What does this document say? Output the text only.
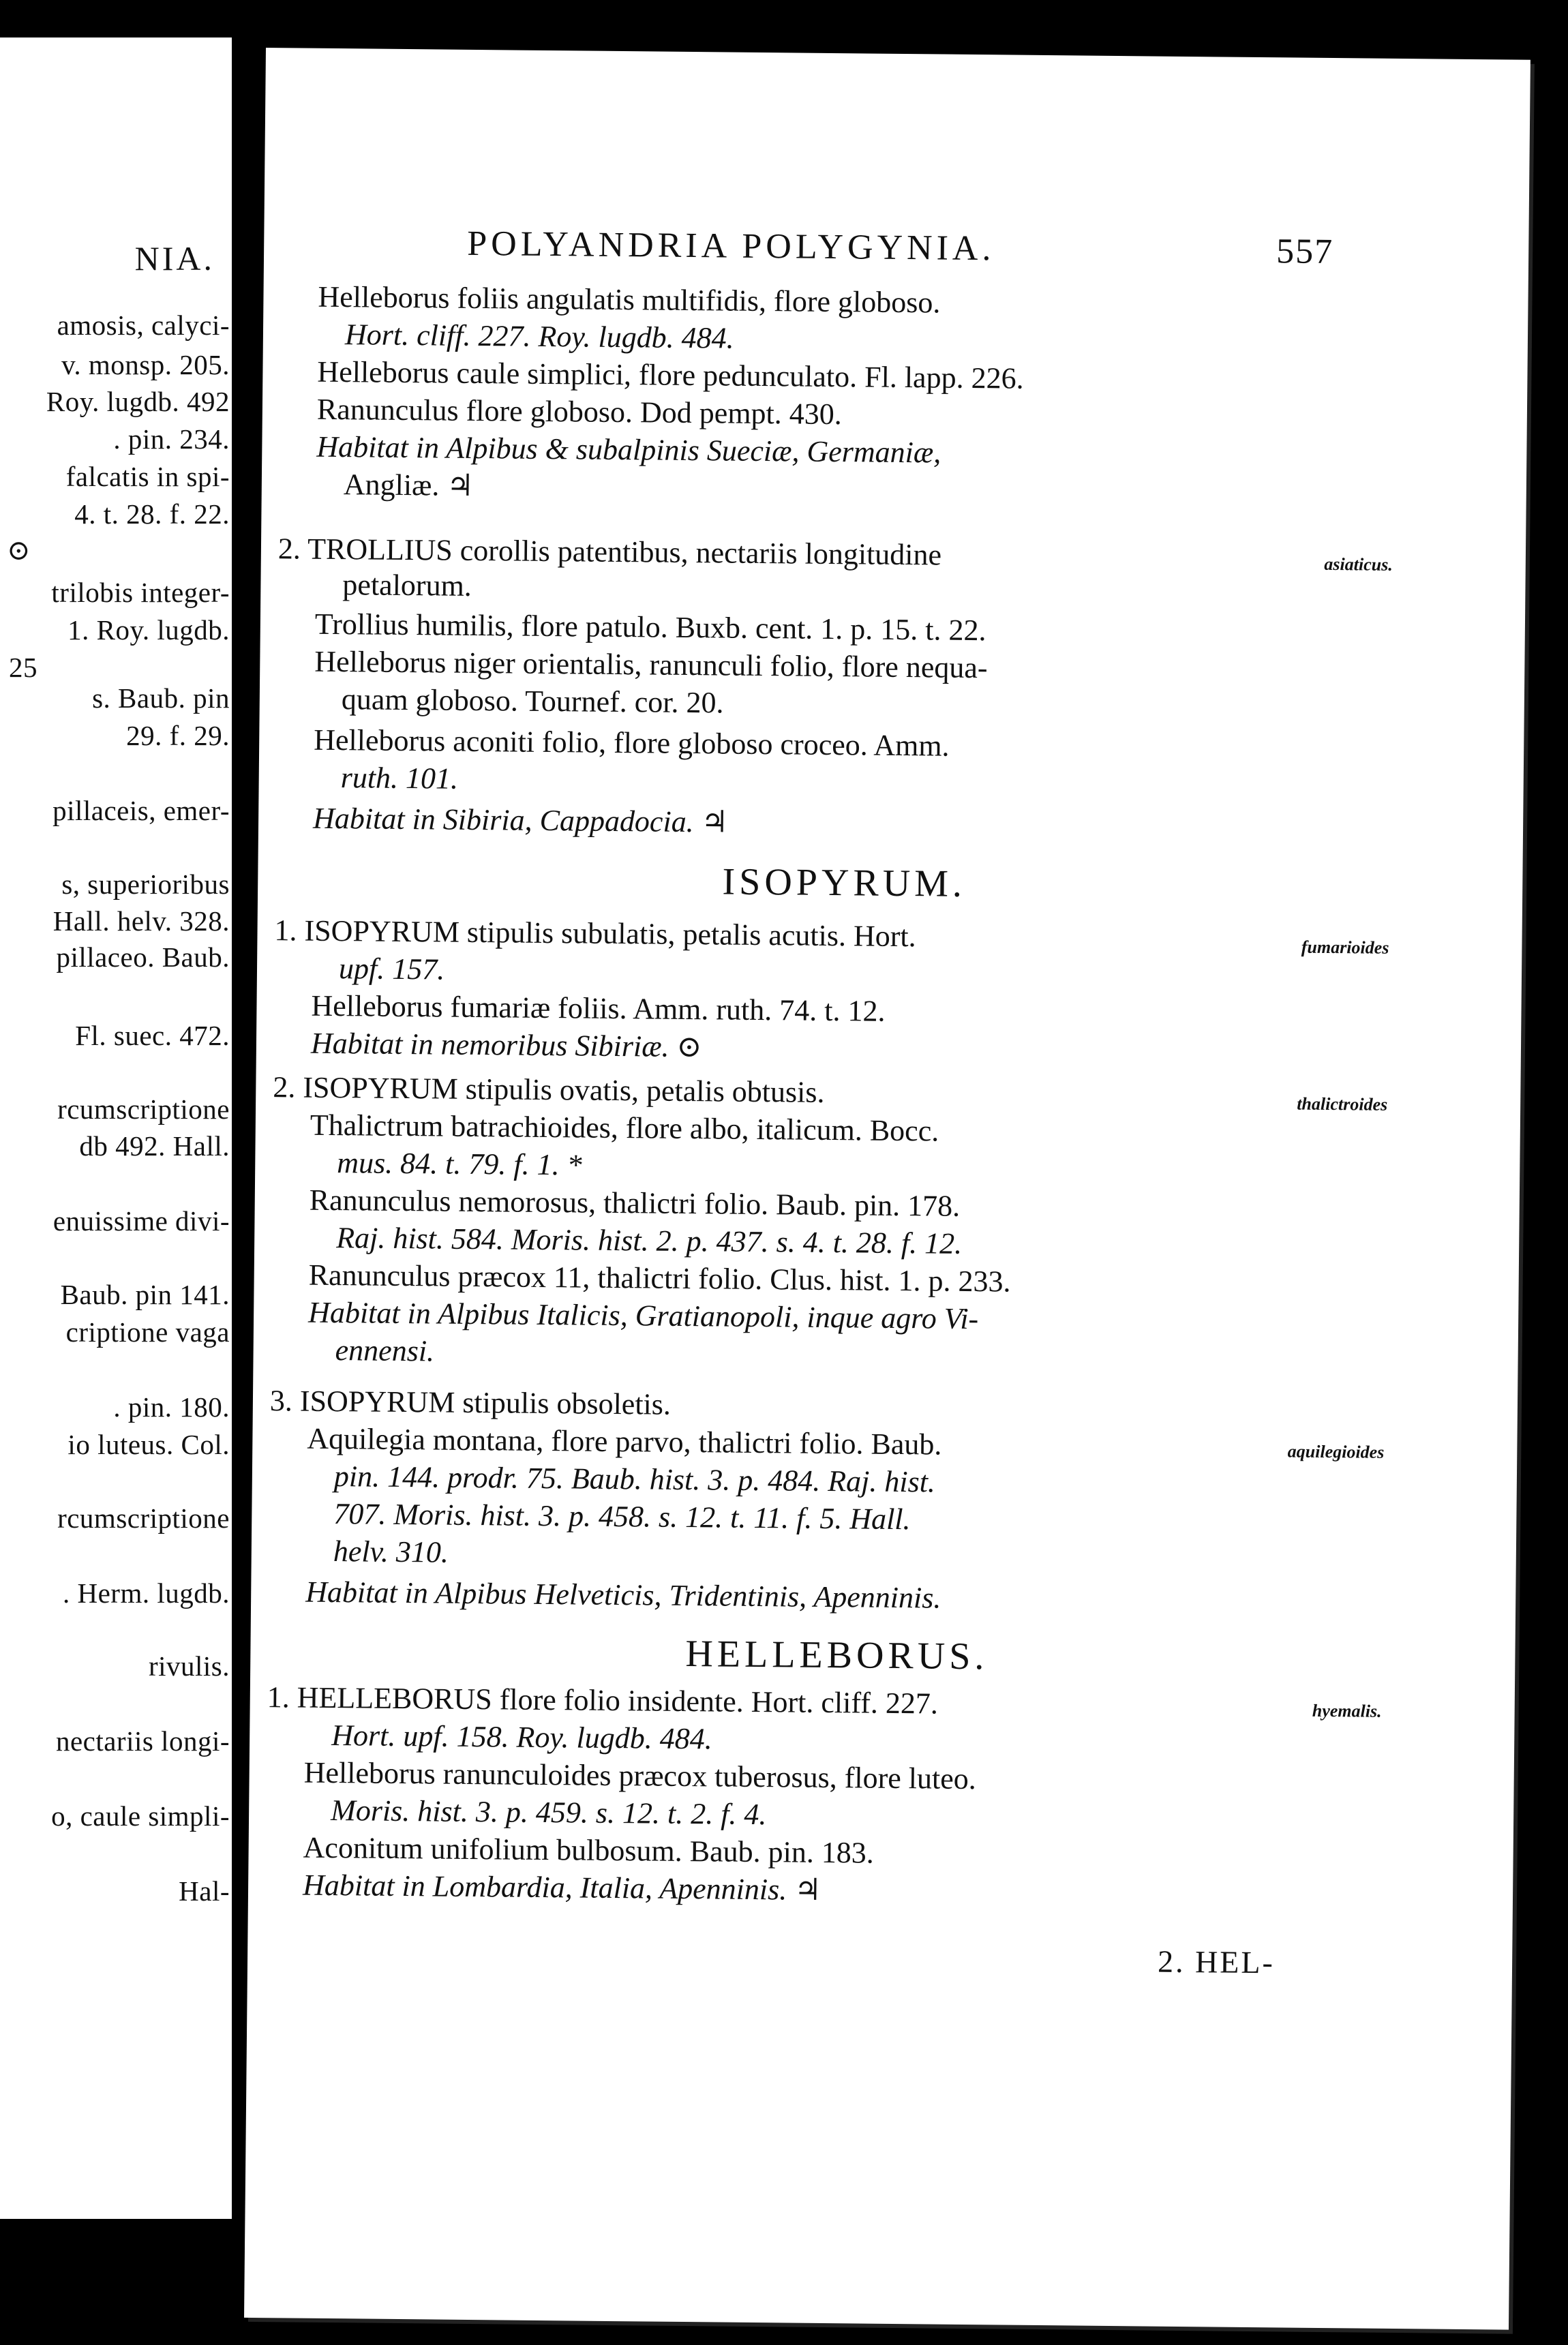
NIA.
amosis, calyci-
v. monsp. 205.
Roy. lugdb. 492
. pin. 234.
falcatis in spi-
4. t. 28. f. 22.
⊙
trilobis integer-
1. Roy. lugdb.
25
s. Baub. pin
29. f. 29.
pillaceis, emer-
s, superioribus
Hall. helv. 328.
pillaceo. Baub.
Fl. suec. 472.
rcumscriptione
db 492. Hall.
enuissime divi-
Baub. pin 141.
criptione vaga
. pin. 180.
io luteus. Col.
rcumscriptione
. Herm. lugdb.
rivulis.
nectariis longi-
o, caule simpli-
Hal-
POLYANDRIA POLYGYNIA.	557
Helleborus foliis angulatis multifidis, flore globoso.
Hort. cliff. 227. Roy. lugdb. 484.
Helleborus caule simplici, flore pedunculato. Fl. lapp. 226.
Ranunculus flore globoso. Dod pempt. 430.
Habitat in Alpibus & subalpinis Sueciæ, Germaniæ,
Angliæ. ♃
2. TROLLIUS corollis patentibus, nectariis longitudine	asiaticus.
petalorum.
Trollius humilis, flore patulo. Buxb. cent. 1. p. 15. t. 22.
Helleborus niger orientalis, ranunculi folio, flore nequa-
quam globoso. Tournef. cor. 20.
Helleborus aconiti folio, flore globoso croceo. Amm.
ruth. 101.
Habitat in Sibiria, Cappadocia. ♃
ISOPYRUM.
1. ISOPYRUM stipulis subulatis, petalis acutis. Hort.	fumarioides
upf. 157.
Helleborus fumariæ foliis. Amm. ruth. 74. t. 12.
Habitat in nemoribus Sibiriæ. ⊙
2. ISOPYRUM stipulis ovatis, petalis obtusis.	thalictroides
Thalictrum batrachioides, flore albo, italicum. Bocc.
mus. 84. t. 79. f. 1. *
Ranunculus nemorosus, thalictri folio. Baub. pin. 178.
Raj. hist. 584. Moris. hist. 2. p. 437. s. 4. t. 28. f. 12.
Ranunculus præcox 11, thalictri folio. Clus. hist. 1. p. 233.
Habitat in Alpibus Italicis, Gratianopoli, inque agro Vi-
ennensi.
3. ISOPYRUM stipulis obsoletis.
Aquilegia montana, flore parvo, thalictri folio. Baub.	aquilegioides
pin. 144. prodr. 75. Baub. hist. 3. p. 484. Raj. hist.
707. Moris. hist. 3. p. 458. s. 12. t. 11. f. 5. Hall.
helv. 310.
Habitat in Alpibus Helveticis, Tridentinis, Apenninis.
HELLEBORUS.
1. HELLEBORUS flore folio insidente. Hort. cliff. 227.	hyemalis.
Hort. upf. 158. Roy. lugdb. 484.
Helleborus ranunculoides præcox tuberosus, flore luteo.
Moris. hist. 3. p. 459. s. 12. t. 2. f. 4.
Aconitum unifolium bulbosum. Baub. pin. 183.
Habitat in Lombardia, Italia, Apenninis. ♃
2. HEL-
